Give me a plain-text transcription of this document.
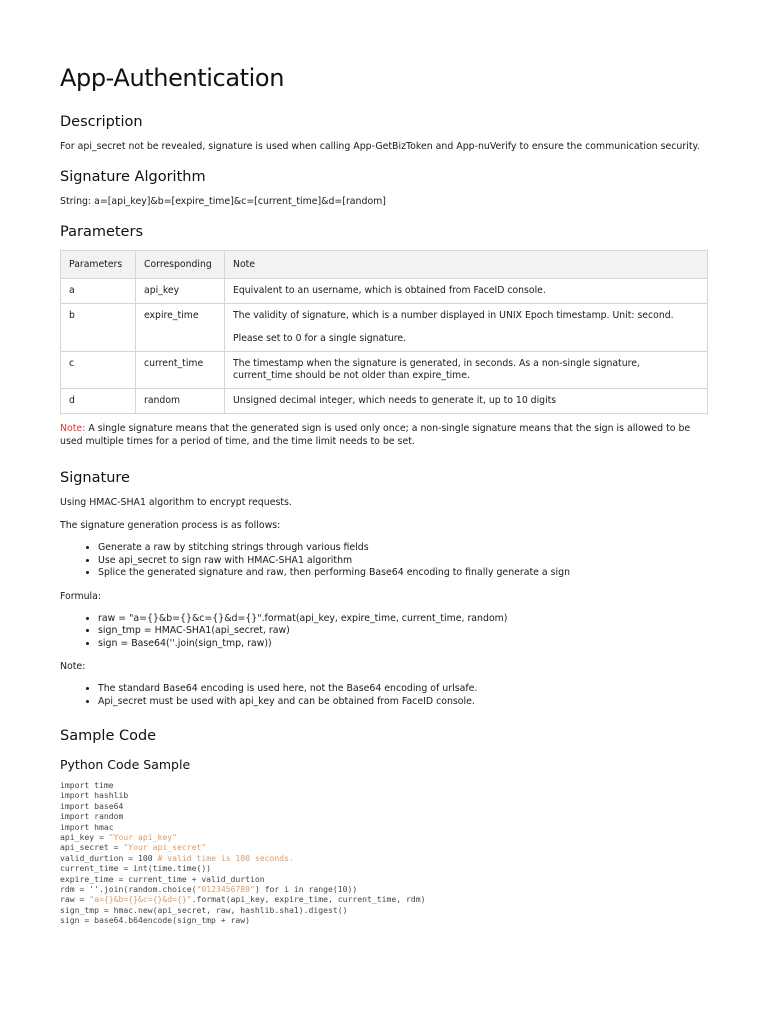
App-Authentication
Description

For api_secret not be revealed, signature is used when calling App-GetBizToken and App-nuVerify to ensure the communication security.

Signature Algorithm

String: a=[api_key]&b=[expire_time]&c=[current_time]&d=[random]

Parameters
Parameters	Corresponding	Note
a	api_key	Equivalent to an username, which is obtained from FaceID console.

b	expire_time	The validity of signature, which is a number displayed in UNIX Epoch timestamp. Unit: second.

Please set to 0 for a single signature.

c	current_time	The timestamp when the signature is generated, in seconds. As a non-single signature, current_time should be not older than expire_time.

d	random	Unsigned decimal integer, which needs to generate it, up to 10 digits

Note: A single signature means that the generated sign is used only once; a non-single signature means that the sign is allowed to be used multiple times for a period of time, and the time limit needs to be set.

Signature

Using HMAC-SHA1 algorithm to encrypt requests.

The signature generation process is as follows:

• Generate a raw by stitching strings through various fields
• Use api_secret to sign raw with HMAC-SHA1 algorithm
• Splice the generated signature and raw, then performing Base64 encoding to finally generate a sign

Formula:

• raw = "a={}&b={}&c={}&d={}".format(api_key, expire_time, current_time, random)
• sign_tmp = HMAC-SHA1(api_secret, raw)
• sign = Base64(''.join(sign_tmp, raw))

Note:

• The standard Base64 encoding is used here, not the Base64 encoding of urlsafe.
• Api_secret must be used with api_key and can be obtained from FaceID console.
Sample Code
Python Code Sample
import time
import hashlib
import base64
import random
import hmac
api_key = "Your api_key"
api_secret = "Your api_secret"
valid_durtion = 100 # valid time is 100 seconds.
current_time = int(time.time())
expire_time = current_time + valid_durtion
rdm = ''.join(random.choice("0123456789") for i in range(10))
raw = "a={}&b={}&c={}&d={}".format(api_key, expire_time, current_time, rdm)
sign_tmp = hmac.new(api_secret, raw, hashlib.sha1).digest()
sign = base64.b64encode(sign_tmp + raw)
